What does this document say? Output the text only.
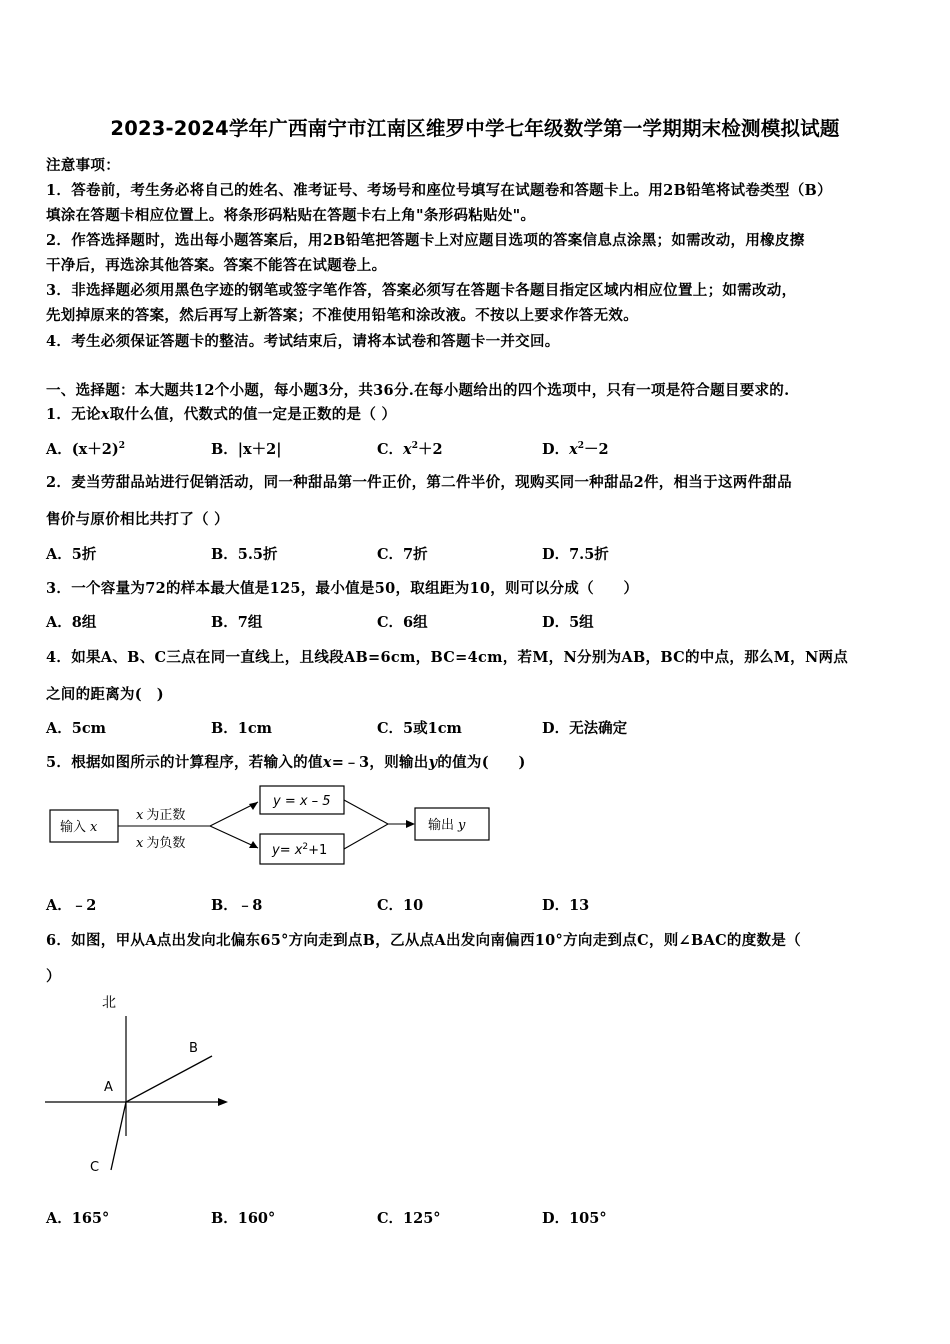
2023-2024学年广西南宁市江南区维罗中学七年级数学第一学期期末检测模拟试题
注意事项：
1．答卷前，考生务必将自己的姓名、准考证号、考场号和座位号填写在试题卷和答题卡上。用2B铅笔将试卷类型（B）
填涂在答题卡相应位置上。将条形码粘贴在答题卡右上角"条形码粘贴处"。
2．作答选择题时，选出每小题答案后，用2B铅笔把答题卡上对应题目选项的答案信息点涂黑；如需改动，用橡皮擦
干净后，再选涂其他答案。答案不能答在试题卷上。
3．非选择题必须用黑色字迹的钢笔或签字笔作答，答案必须写在答题卡各题目指定区域内相应位置上；如需改动，
先划掉原来的答案，然后再写上新答案；不准使用铅笔和涂改液。不按以上要求作答无效。
4．考生必须保证答题卡的整洁。考试结束后，请将本试卷和答题卡一并交回。
一、选择题：本大题共12个小题，每小题3分，共36分.在每小题给出的四个选项中，只有一项是符合题目要求的.
1．无论x取什么值，代数式的值一定是正数的是（ ）
A．$(x+2)^2$	B．|x＋2|	C．$x^2+2$	D．$x^2-2$
2．麦当劳甜品站进行促销活动，同一种甜品第一件正价，第二件半价，现购买同一种甜品2件，相当于这两件甜品
售价与原价相比共打了（ ）
A．5折	B．5.5折	C．7折	D．7.5折
3．一个容量为72的样本最大值是125，最小值是50，取组距为10，则可以分成（　　）
A．8组	B．7组	C．6组	D．5组
4．如果A、B、C三点在同一直线上，且线段AB=6cm，BC=4cm，若M，N分别为AB，BC的中点，那么M，N两点
之间的距离为(　)
A．5cm	B．1cm	C．5或1cm	D．无法确定
5．根据如图所示的计算程序，若输入的值x=﹣3，则输出y的值为(　　)
输入 x
x 为正数
x 为负数
y = x – 5
$y= x^2+1$
输出 y
A．﹣2	B．﹣8	C．10	D．13
6．如图，甲从A点出发向北偏东65°方向走到点B，乙从点A出发向南偏西10°方向走到点C，则∠BAC的度数是（
）
北
A
B
C
A．165°	B．160°	C．125°	D．105°
